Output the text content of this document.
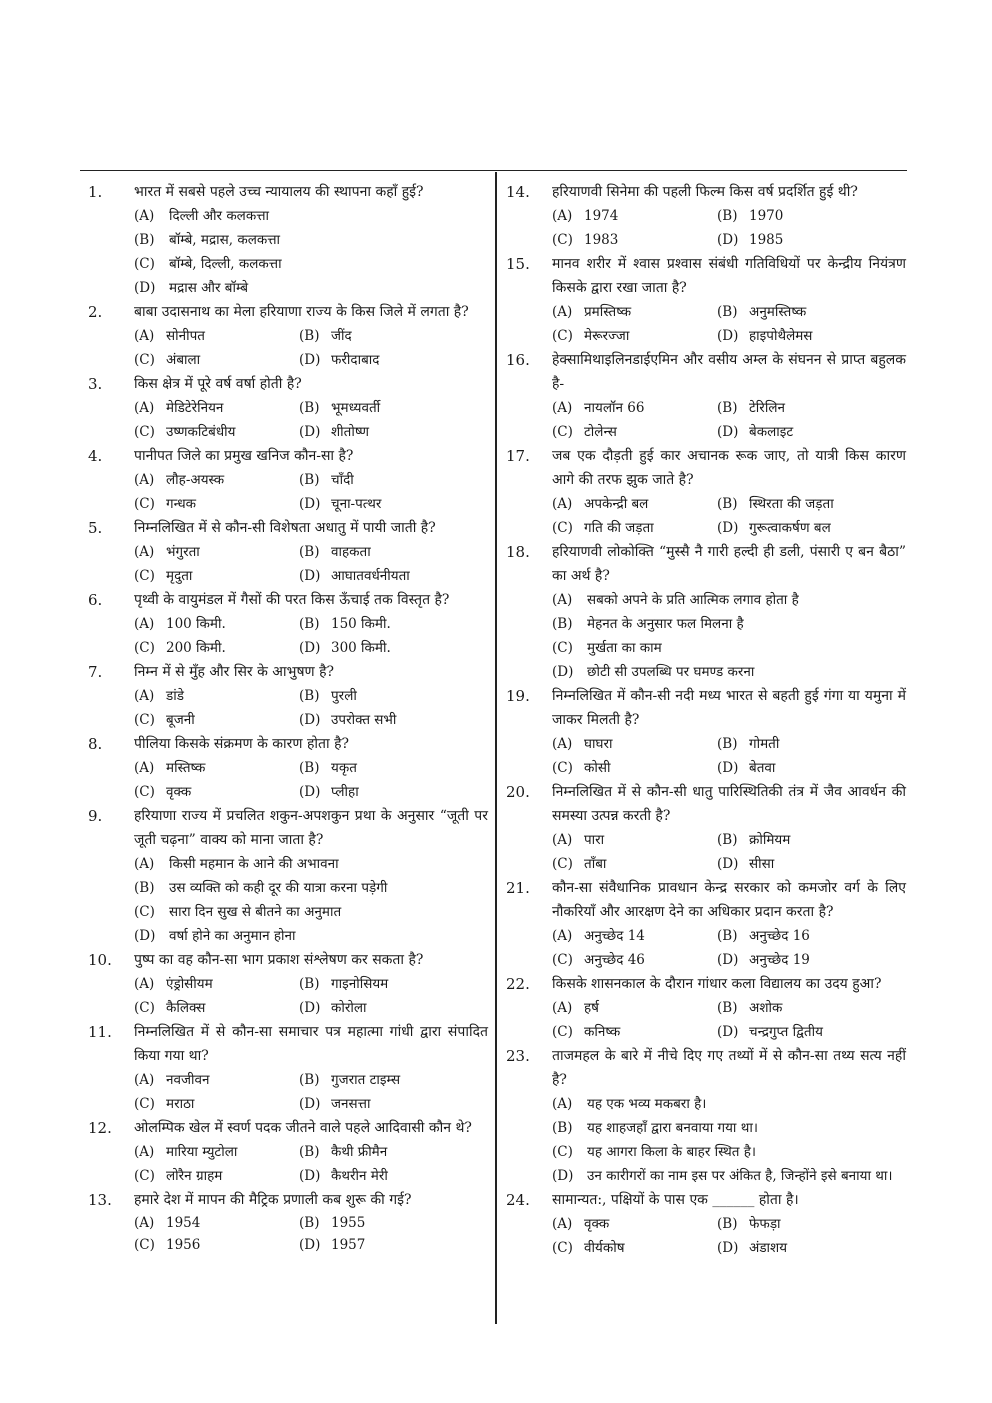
1.	भारत में सबसे पहले उच्च न्यायालय की स्थापना कहाँ हुई?
(A)	दिल्ली और कलकत्ता
(B)	बॉम्बे, मद्रास, कलकत्ता
(C)	बॉम्बे, दिल्ली, कलकत्ता
(D)	मद्रास और बॉम्बे
2.	बाबा उदासनाथ का मेला हरियाणा राज्य के किस जिले में लगता है?
(A) सोनीपत	(B) जींद
(C) अंबाला	(D) फरीदाबाद
3.	किस क्षेत्र में पूरे वर्ष वर्षा होती है?
(A) मेडिटेरेनियन	(B) भूमध्यवर्ती
(C) उष्णकटिबंधीय	(D) शीतोष्ण
4.	पानीपत जिले का प्रमुख खनिज कौन-सा है?
(A) लौह-अयस्क	(B) चाँदी
(C) गन्धक	(D) चूना-पत्थर
5.	निम्नलिखित में से कौन-सी विशेषता अधातु में पायी जाती है?
(A) भंगुरता	(B) वाहकता
(C) मृदुता	(D) आघातवर्धनीयता
6.	पृथ्वी के वायुमंडल में गैसों की परत किस ऊँचाई तक विस्तृत है?
(A) 100 किमी.	(B) 150 किमी.
(C) 200 किमी.	(D) 300 किमी.
7.	निम्न में से मुँह और सिर के आभुषण है?
(A) डांडे	(B) पुरली
(C) बूजनी	(D) उपरोक्त सभी
8.	पीलिया किसके संक्रमण के कारण होता है?
(A) मस्तिष्क	(B) यकृत
(C) वृक्क	(D) प्लीहा
9.	हरियाणा राज्य में प्रचलित शकुन-अपशकुन प्रथा के अनुसार “जूती पर जूती चढ़ना” वाक्य को माना जाता है?
(A)	किसी महमान के आने की अभावना
(B)	उस व्यक्ति को कही दूर की यात्रा करना पड़ेगी
(C)	सारा दिन सुख से बीतने का अनुमात
(D)	वर्षा होने का अनुमान होना
10.	पुष्प का वह कौन-सा भाग प्रकाश संश्लेषण कर सकता है?
(A) एंड्रोसीयम	(B) गाइनोसियम
(C) कैलिक्स	(D) कोरोला
11.	निम्नलिखित में से कौन-सा समाचार पत्र महात्मा गांधी द्वारा संपादित किया गया था?
(A) नवजीवन	(B) गुजरात टाइम्स
(C) मराठा	(D) जनसत्ता
12.	ओलम्पिक खेल में स्वर्ण पदक जीतने वाले पहले आदिवासी कौन थे?
(A) मारिया म्युटोला	(B) कैथी फ्रीमैन
(C) लोरैन ग्राहम	(D) कैथरीन मेरी
13.	हमारे देश में मापन की मैट्रिक प्रणाली कब शुरू की गई?
(A) 1954	(B) 1955
(C) 1956	(D) 1957
14.	हरियाणवी सिनेमा की पहली फिल्म किस वर्ष प्रदर्शित हुई थी?
(A) 1974	(B) 1970
(C) 1983	(D) 1985
15.	मानव शरीर में श्वास प्रश्वास संबंधी गतिविधियों पर केन्द्रीय नियंत्रण किसके द्वारा रखा जाता है?
(A) प्रमस्तिष्क	(B) अनुमस्तिष्क
(C) मेरूरज्जा	(D) हाइपोथैलेमस
16.	हेक्सामिथाइलिनडाईएमिन और वसीय अम्ल के संघनन से प्राप्त बहुलक है-
(A) नायलॉन 66	(B) टेरिलिन
(C) टोलेन्स	(D) बेकलाइट
17.	जब एक दौड़ती हुई कार अचानक रूक जाए, तो यात्री किस कारण आगे की तरफ झुक जाते है?
(A) अपकेन्द्री बल	(B) स्थिरता की जड़ता
(C) गति की जड़ता	(D) गुरूत्वाकर्षण बल
18.	हरियाणवी लोकोक्ति “मुस्सै नै गारी हल्दी ही डली, पंसारी ए बन बैठा” का अर्थ है?
(A)	सबको अपने के प्रति आत्मिक लगाव होता है
(B)	मेहनत के अनुसार फल मिलना है
(C)	मुर्खता का काम
(D)	छोटी सी उपलब्धि पर घमण्ड करना
19.	निम्नलिखित में कौन-सी नदी मध्य भारत से बहती हुई गंगा या यमुना में जाकर मिलती है?
(A) घाघरा	(B) गोमती
(C) कोसी	(D) बेतवा
20.	निम्नलिखित में से कौन-सी धातु पारिस्थितिकी तंत्र में जैव आवर्धन की समस्या उत्पन्न करती है?
(A) पारा	(B) क्रोमियम
(C) ताँबा	(D) सीसा
21.	कौन-सा संवैधानिक प्रावधान केन्द्र सरकार को कमजोर वर्ग के लिए नौकरियाँ और आरक्षण देने का अधिकार प्रदान करता है?
(A) अनुच्छेद 14	(B) अनुच्छेद 16
(C) अनुच्छेद 46	(D) अनुच्छेद 19
22.	किसके शासनकाल के दौरान गांधार कला विद्यालय का उदय हुआ?
(A) हर्ष	(B) अशोक
(C) कनिष्क	(D) चन्द्रगुप्त द्वितीय
23.	ताजमहल के बारे में नीचे दिए गए तथ्यों में से कौन-सा तथ्य सत्य नहीं है?
(A)	यह एक भव्य मकबरा है।
(B)	यह शाहजहाँ द्वारा बनवाया गया था।
(C)	यह आगरा किला के बाहर स्थित है।
(D)	उन कारीगरों का नाम इस पर अंकित है, जिन्होंने इसे बनाया था।
24.	सामान्यत:, पक्षियों के पास एक ______ होता है।
(A) वृक्क	(B) फेफड़ा
(C) वीर्यकोष	(D) अंडाशय
